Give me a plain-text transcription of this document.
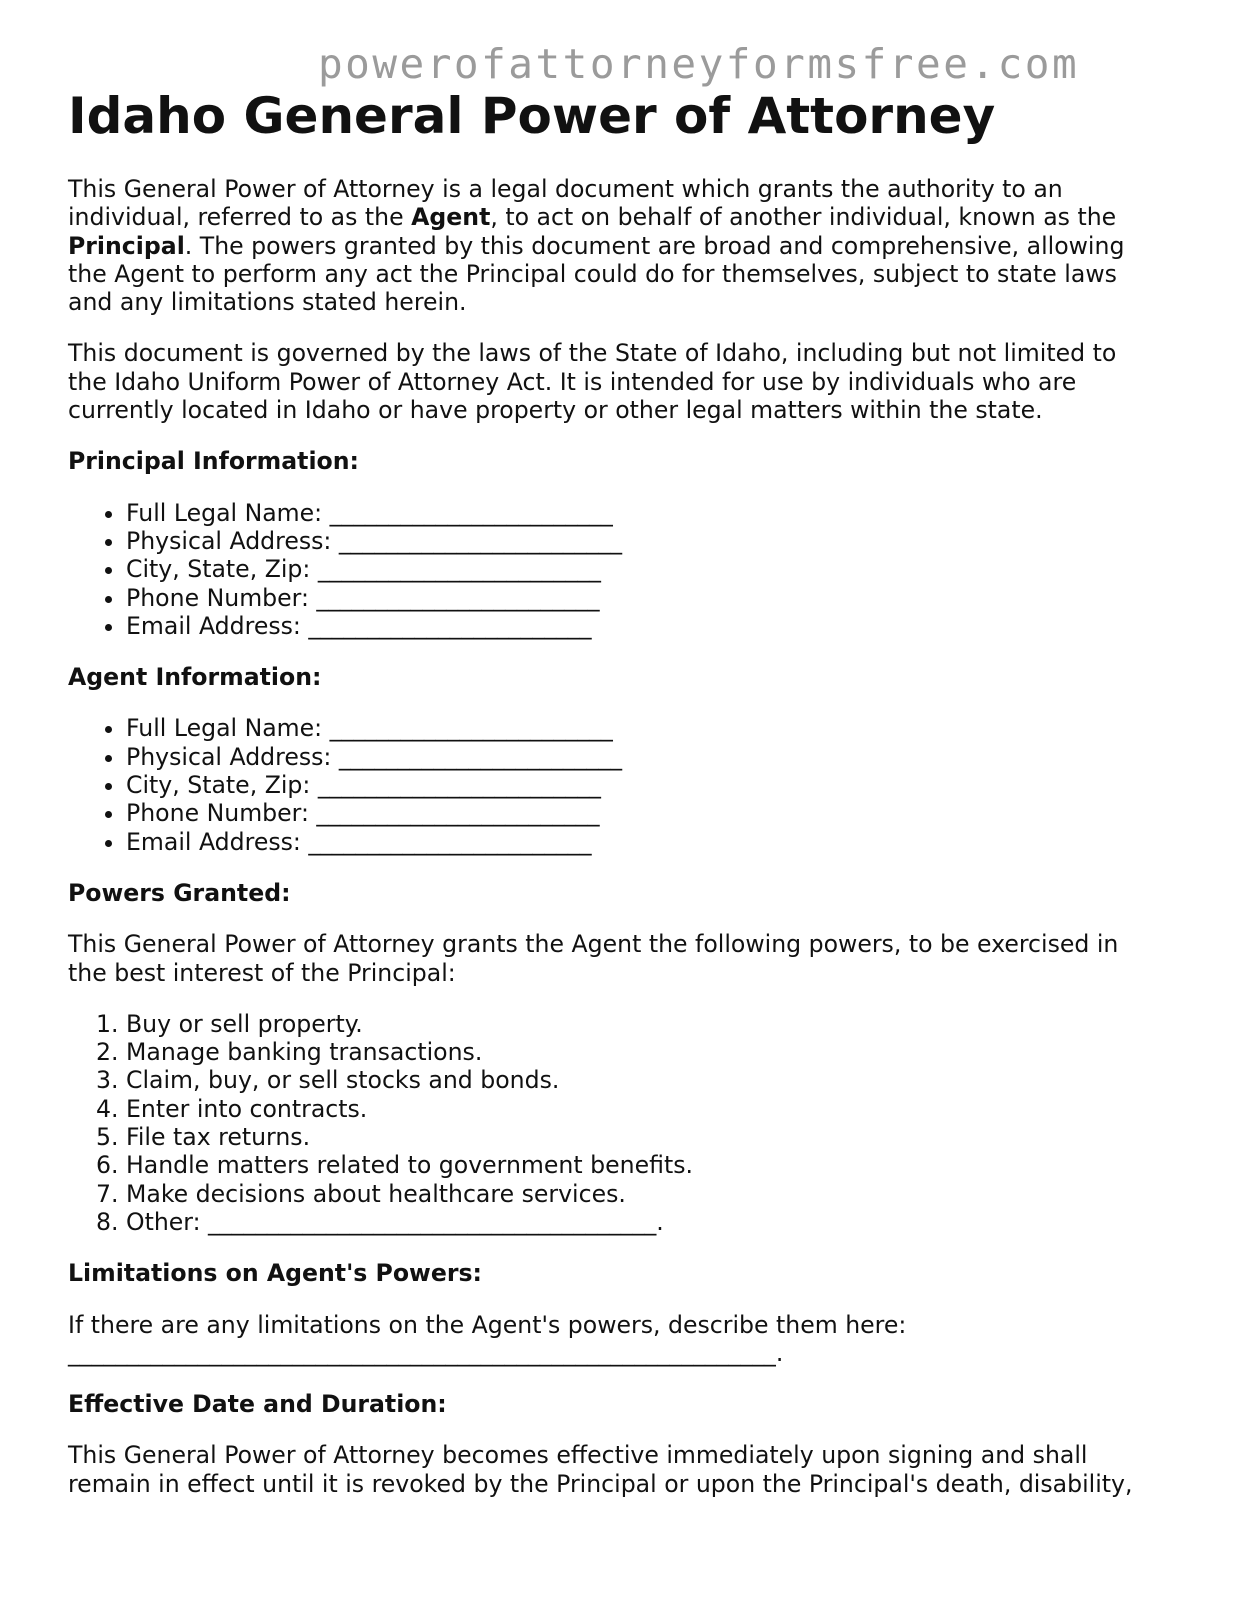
powerofattorneyformsfree.com
Idaho General Power of Attorney

This General Power of Attorney is a legal document which grants the authority to an individual, referred to as the Agent, to act on behalf of another individual, known as the Principal. The powers granted by this document are broad and comprehensive, allowing the Agent to perform any act the Principal could do for themselves, subject to state laws and any limitations stated herein.

This document is governed by the laws of the State of Idaho, including but not limited to the Idaho Uniform Power of Attorney Act. It is intended for use by individuals who are currently located in Idaho or have property or other legal matters within the state.

Principal Information:
• Full Legal Name: ________________________
• Physical Address: ________________________
• City, State, Zip: ________________________
• Phone Number: ________________________
• Email Address: ________________________
Agent Information:
• Full Legal Name: ________________________
• Physical Address: ________________________
• City, State, Zip: ________________________
• Phone Number: ________________________
• Email Address: ________________________
Powers Granted:

This General Power of Attorney grants the Agent the following powers, to be exercised in the best interest of the Principal:

1. Buy or sell property.
2. Manage banking transactions.
3. Claim, buy, or sell stocks and bonds.
4. Enter into contracts.
5. File tax returns.
6. Handle matters related to government benefits.
7. Make decisions about healthcare services.
8. Other: ______________________________________.
Limitations on Agent's Powers:

If there are any limitations on the Agent's powers, describe them here: ____________________________________________________________.

Effective Date and Duration:

This General Power of Attorney becomes effective immediately upon signing and shall remain in effect until it is revoked by the Principal or upon the Principal's death, disability,
